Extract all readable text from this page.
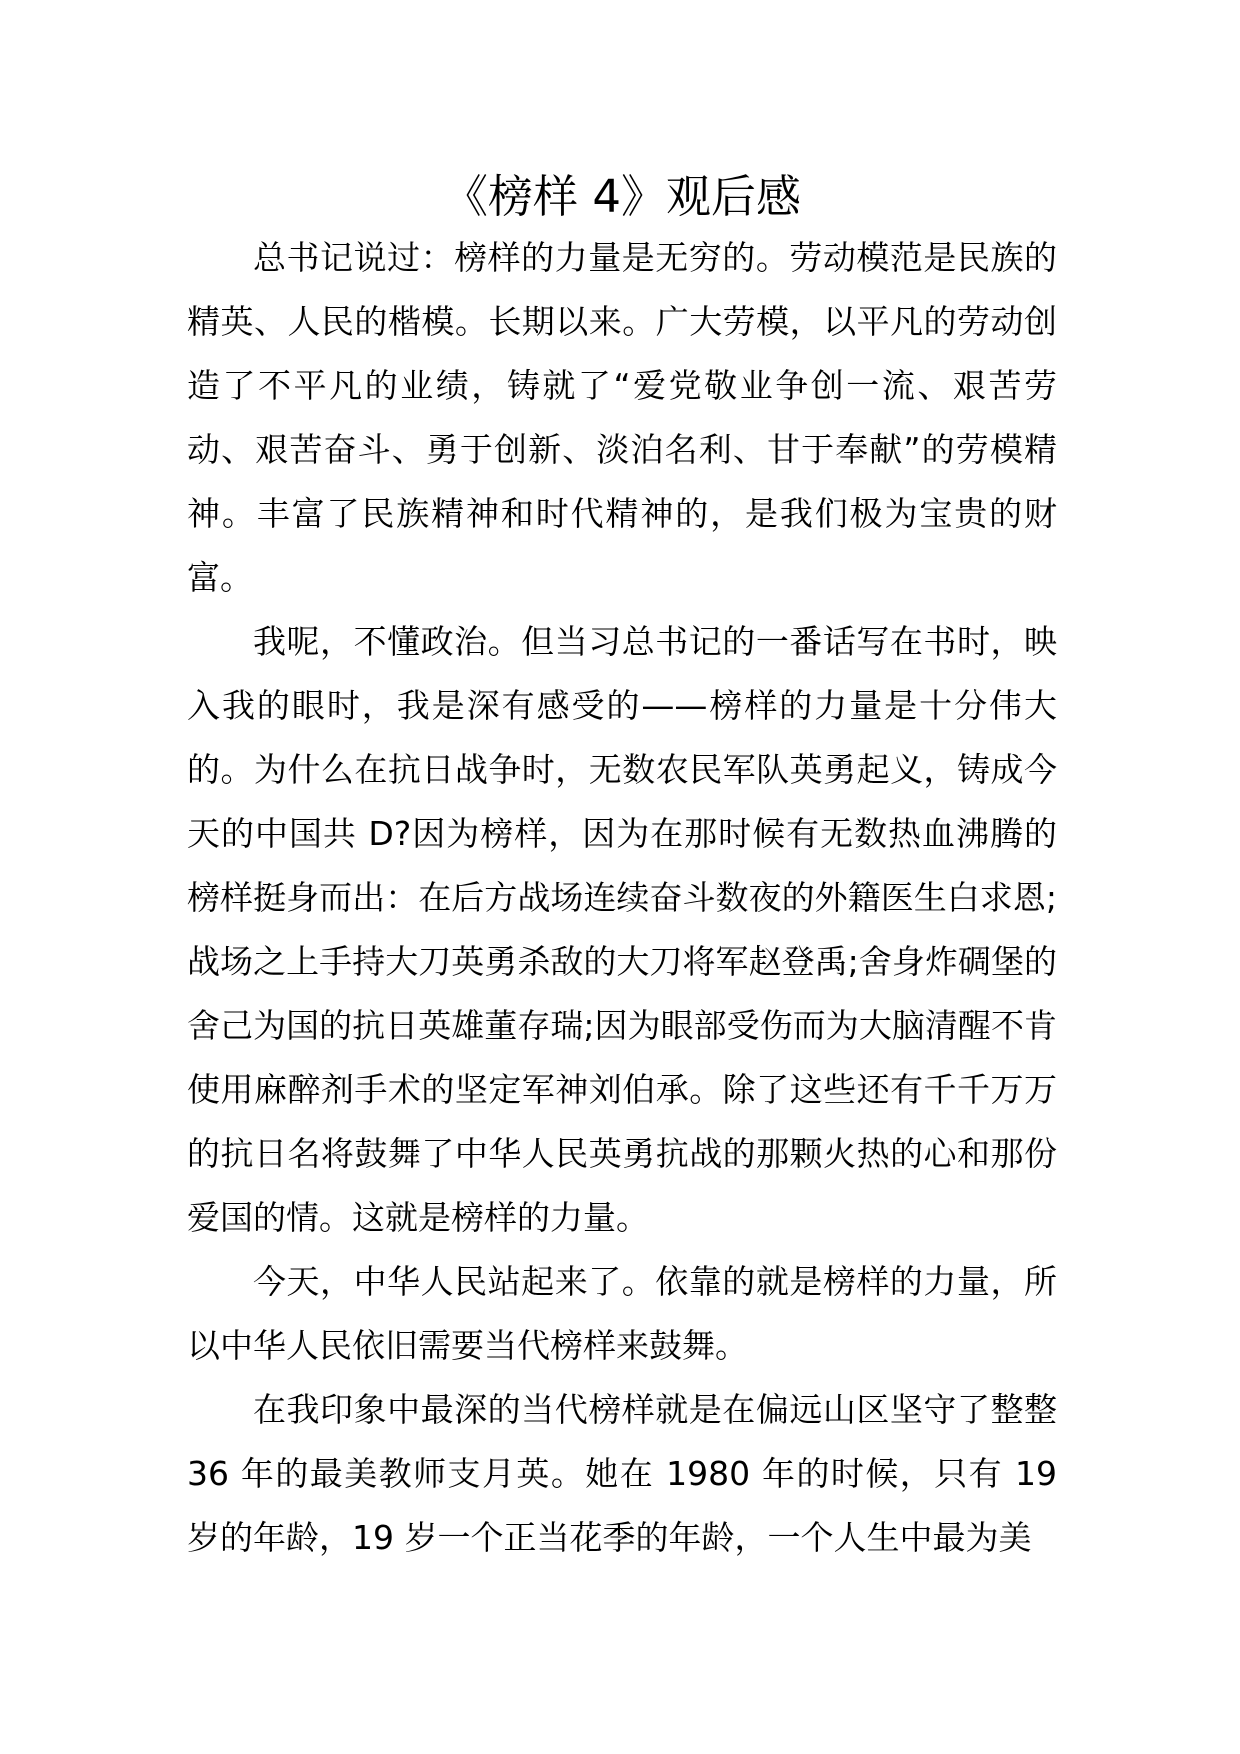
《榜样 4》观后感

总书记说过：榜样的力量是无穷的。劳动模范是民族的精英、人民的楷模。长期以来。广大劳模，以平凡的劳动创造了不平凡的业绩，铸就了“爱党敬业争创一流、艰苦劳动、艰苦奋斗、勇于创新、淡泊名利、甘于奉献”的劳模精神。丰富了民族精神和时代精神的，是我们极为宝贵的财富。

我呢，不懂政治。但当习总书记的一番话写在书时，映入我的眼时，我是深有感受的——榜样的力量是十分伟大的。为什么在抗日战争时，无数农民军队英勇起义，铸成今天的中国共 D?因为榜样，因为在那时候有无数热血沸腾的榜样挺身而出：在后方战场连续奋斗数夜的外籍医生白求恩;战场之上手持大刀英勇杀敌的大刀将军赵登禹;舍身炸碉堡的舍己为国的抗日英雄董存瑞;因为眼部受伤而为大脑清醒不肯使用麻醉剂手术的坚定军神刘伯承。除了这些还有千千万万的抗日名将鼓舞了中华人民英勇抗战的那颗火热的心和那份爱国的情。这就是榜样的力量。

今天，中华人民站起来了。依靠的就是榜样的力量，所以中华人民依旧需要当代榜样来鼓舞。

在我印象中最深的当代榜样就是在偏远山区坚守了整整 36 年的最美教师支月英。她在 1980 年的时候，只有 19 岁的年龄，19 岁一个正当花季的年龄，一个人生中最为美
